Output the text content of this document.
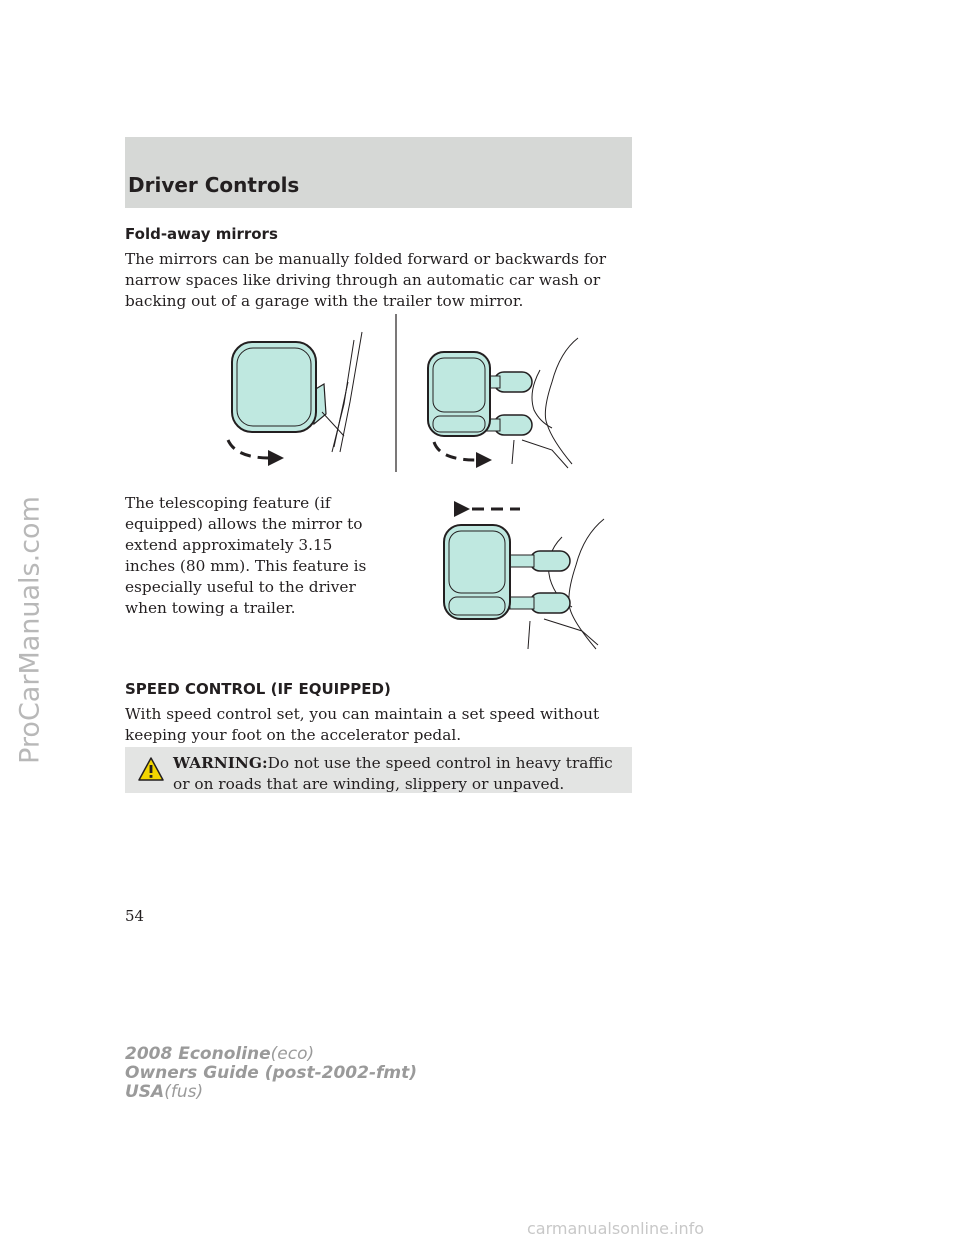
ProCarManuals.com
Driver Controls
Fold-away mirrors

The mirrors can be manually folded forward or backwards for narrow spaces like driving through an automatic car wash or backing out of a garage with the trailer tow mirror.

The telescoping feature (if equipped) allows the mirror to extend approximately 3.15 inches (80 mm). This feature is especially useful to the driver when towing a trailer.

SPEED CONTROL (IF EQUIPPED)

With speed control set, you can maintain a set speed without keeping your foot on the accelerator pedal.

WARNING:Do not use the speed control in heavy traffic or on roads that are winding, slippery or unpaved.
54
2008 Econoline(eco)
Owners Guide (post-2002-fmt)
USA(fus)
carmanualsonline.info
